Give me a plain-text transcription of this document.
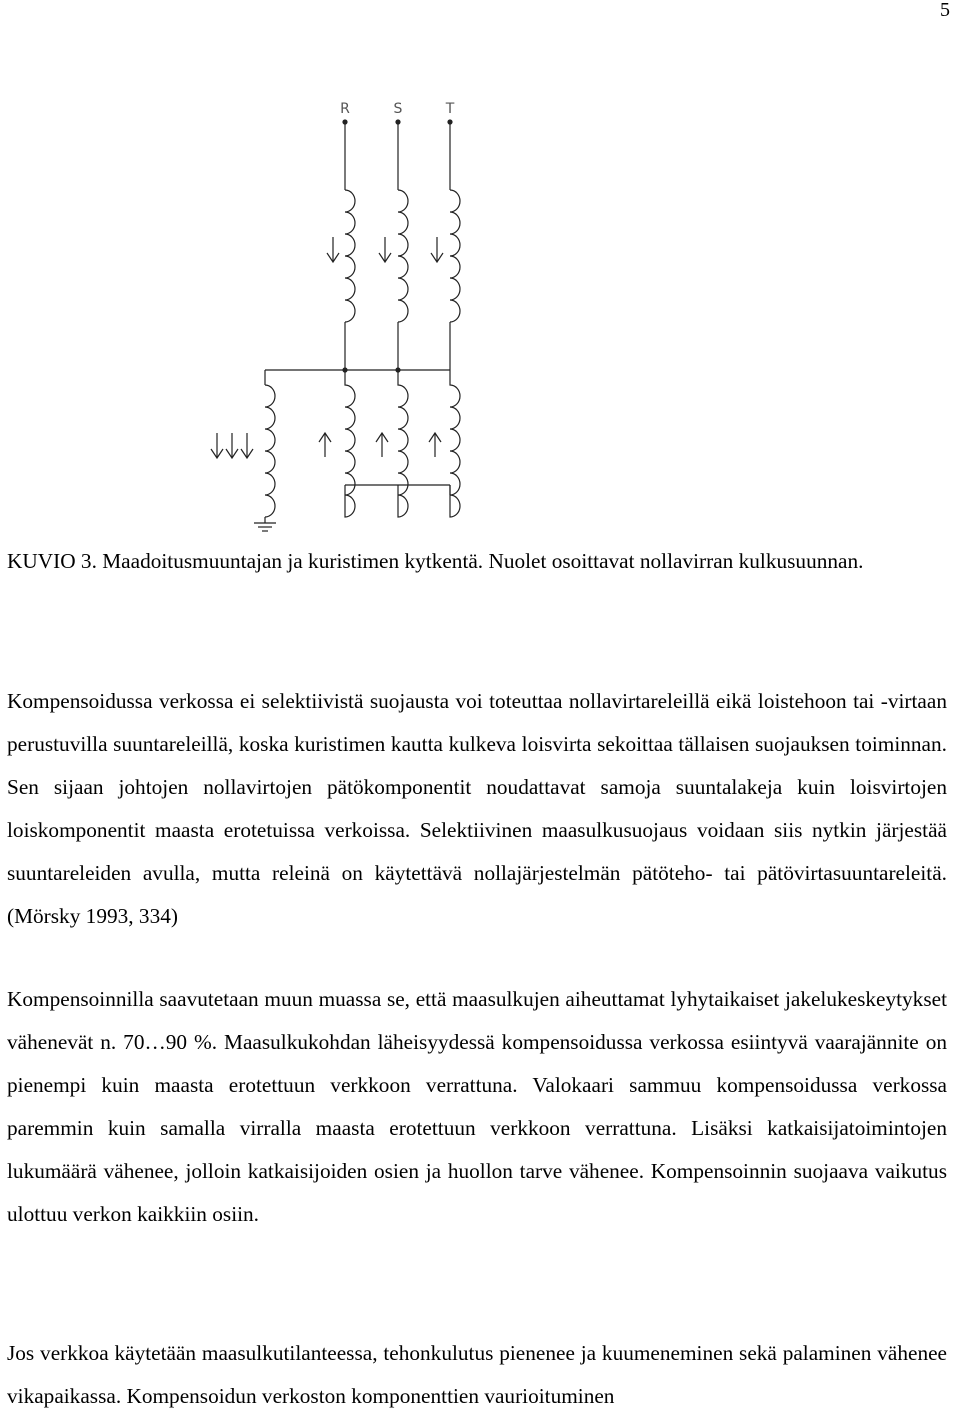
5
R	S	T

KUVIO 3. Maadoitusmuuntajan ja kuristimen kytkentä. Nuolet osoittavat nollavirran kulkusuunnan.

Kompensoidussa verkossa ei selektiivistä suojausta voi toteuttaa nollavirtareleillä eikä loistehoon tai -virtaan perustuvilla suuntareleillä, koska kuristimen kautta kulkeva loisvirta sekoittaa tällaisen suojauksen toiminnan. Sen sijaan johtojen nollavirtojen pätökomponentit noudattavat samoja suuntalakeja kuin loisvirtojen loiskomponentit maasta erotetuissa verkoissa. Selektiivinen maasulkusuojaus voidaan siis nytkin järjestää suuntareleiden avulla, mutta releinä on käytettävä nollajärjestelmän pätöteho- tai pätövirtasuuntareleitä. (Mörsky 1993, 334)

Kompensoinnilla saavutetaan muun muassa se, että maasulkujen aiheuttamat lyhytaikaiset jakelukeskeytykset vähenevät n. 70…90 %. Maasulkukohdan läheisyydessä kompensoidussa verkossa esiintyvä vaarajännite on pienempi kuin maasta erotettuun verkkoon verrattuna. Valokaari sammuu kompensoidussa verkossa paremmin kuin samalla virralla maasta erotettuun verkkoon verrattuna. Lisäksi katkaisijatoimintojen lukumäärä vähenee, jolloin katkaisijoiden osien ja huollon tarve vähenee. Kompensoinnin suojaava vaikutus ulottuu verkon kaikkiin osiin.

Jos verkkoa käytetään maasulkutilanteessa, tehonkulutus pienenee ja kuumeneminen sekä palaminen vähenee vikapaikassa. Kompensoidun verkoston komponenttien vaurioituminen
